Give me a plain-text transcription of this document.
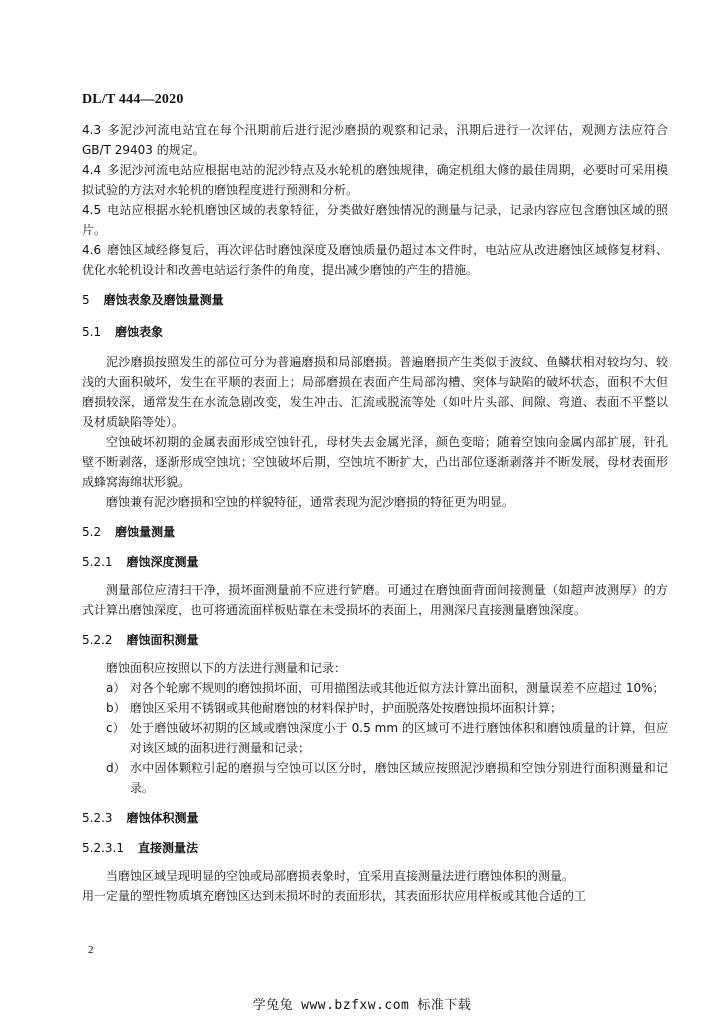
DL/T 444—2020

4.3 多泥沙河流电站宜在每个汛期前后进行泥沙磨损的观察和记录，汛期后进行一次评估，观测方法应符合 GB/T 29403 的规定。

4.4 多泥沙河流电站应根据电站的泥沙特点及水轮机的磨蚀规律，确定机组大修的最佳周期，必要时可采用模拟试验的方法对水轮机的磨蚀程度进行预测和分析。

4.5 电站应根据水轮机磨蚀区域的表象特征，分类做好磨蚀情况的测量与记录，记录内容应包含磨蚀区域的照片。

4.6 磨蚀区域经修复后，再次评估时磨蚀深度及磨蚀质量仍超过本文件时，电站应从改进磨蚀区域修复材料、优化水轮机设计和改善电站运行条件的角度，提出减少磨蚀的产生的措施。

5 磨蚀表象及磨蚀量测量
5.1 磨蚀表象

泥沙磨损按照发生的部位可分为普遍磨损和局部磨损。普遍磨损产生类似于波纹、鱼鳞状相对较均匀、较浅的大面积破坏，发生在平顺的表面上；局部磨损在表面产生局部沟槽、突体与缺陷的破坏状态，面积不大但磨损较深，通常发生在水流急剧改变，发生冲击、汇流或脱流等处（如叶片头部、间隙、弯道、表面不平整以及材质缺陷等处）。

空蚀破坏初期的金属表面形成空蚀针孔，母材失去金属光泽，颜色变暗；随着空蚀向金属内部扩展，针孔壁不断剥落，逐渐形成空蚀坑；空蚀破坏后期，空蚀坑不断扩大，凸出部位逐渐剥落并不断发展，母材表面形成蜂窝海绵状形貌。

磨蚀兼有泥沙磨损和空蚀的样貌特征，通常表现为泥沙磨损的特征更为明显。

5.2 磨蚀量测量
5.2.1 磨蚀深度测量

测量部位应清扫干净，损坏面测量前不应进行铲磨。可通过在磨蚀面背面间接测量（如超声波测厚）的方式计算出磨蚀深度，也可将通流面样板贴靠在未受损坏的表面上，用测深尺直接测量磨蚀深度。

5.2.2 磨蚀面积测量

磨蚀面积应按照以下的方法进行测量和记录：

a） 对各个轮廓不规则的磨蚀损坏面，可用描图法或其他近似方法计算出面积，测量误差不应超过 10%；

b） 磨蚀区采用不锈钢或其他耐磨蚀的材料保护时，护面脱落处按磨蚀损坏面积计算；

c） 处于磨蚀破坏初期的区域或磨蚀深度小于 0.5 mm 的区域可不进行磨蚀体积和磨蚀质量的计算，但应对该区域的面积进行测量和记录；

d） 水中固体颗粒引起的磨损与空蚀可以区分时，磨蚀区域应按照泥沙磨损和空蚀分别进行面积测量和记录。

5.2.3 磨蚀体积测量
5.2.3.1 直接测量法

当磨蚀区域呈现明显的空蚀或局部磨损表象时，宜采用直接测量法进行磨蚀体积的测量。

用一定量的塑性物质填充磨蚀区达到未损坏时的表面形状，其表面形状应用样板或其他合适的工

2
学兔兔 www.bzfxw.com 标准下载
